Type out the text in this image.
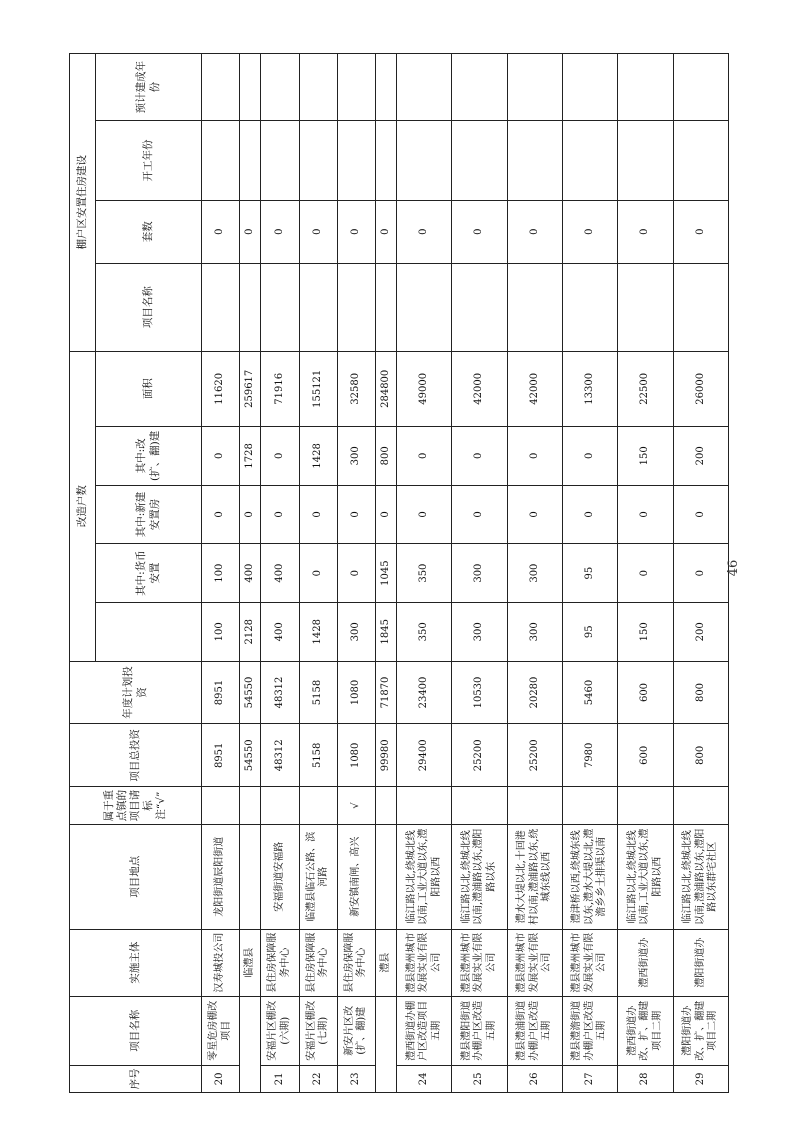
序号	项目名称	实施主体	项目地点	属于重点镇的项目请标注“√”	项目总投资	年度计划投资	改造户数					棚户区安置住房建设			
								其中:货币安置	其中:新建安置房	其中:改(扩、翻)建	面积	项目名称	套数	开工年份	预计建成年份

20	零星危房棚改项目	汉寿城投公司	龙阳街道辰阳街道		8951	8951	100	100	0	0	11620		0		
		临澧县			54550	54550	2128	400	0	1728	259617		0		
21	安福片区棚改(六期)	县住房保障服务中心	安福街道安福路		48312	48312	400	400	0	0	71916		0		
22	安福片区棚改(七期)	县住房保障服务中心	临澧县临石公路、滨河路		5158	5158	1428	0	0	1428	155121		0		
23	新安片区改(扩、翻)建	县住房保障服务中心	新安镇南闸、高兴	√	1080	1080	300	0	0	300	32580		0		
		澧县			99980	71870	1845	1045	0	800	284800		0		
24	澧西街道办棚户区改造项目五期	澧县澧州城市发展实业有限公司	临江路以北,绕城北线以南,工业大道以东,澧阳路以西		29400	23400	350	350	0	0	49000		0		
25	澧县澧阳街道办棚户区改造五期	澧县澧州城市发展实业有限公司	临江路以北,绕城北线以南,澧浦路以东,澧阳路以东		25200	10530	300	300	0	0	42000		0		
26	澧县澧浦街道办棚户区改造五期	澧县澧州城市发展实业有限公司	澧水大堤以北,十回港村以南,澧浦路以东,绕城东线以西		25200	20280	300	300	0	0	42000		0		
27	澧县澧澹街道办棚户区改造五期	澧县澧州城市发展实业有限公司	澧津桥以西,绕城东线以东,澧水大堤以北,澧澹乡乡土排渠以南		7980	5460	95	95	0	0	13300		0		
28	澧西街道办改、扩、翻建项目二期	澧西街道办	临江路以北,绕城北线以南,工业大道以东,澧阳路以西		600	600	150	0	0	150	22500		0		
29	澧阳街道办改、扩、翻建项目二期	澧阳街道办	临江路以北,绕城北线以南,澧浦路以东,澧阳路以东群宅社区		800	800	200	0	0	200	26000		0		
46
